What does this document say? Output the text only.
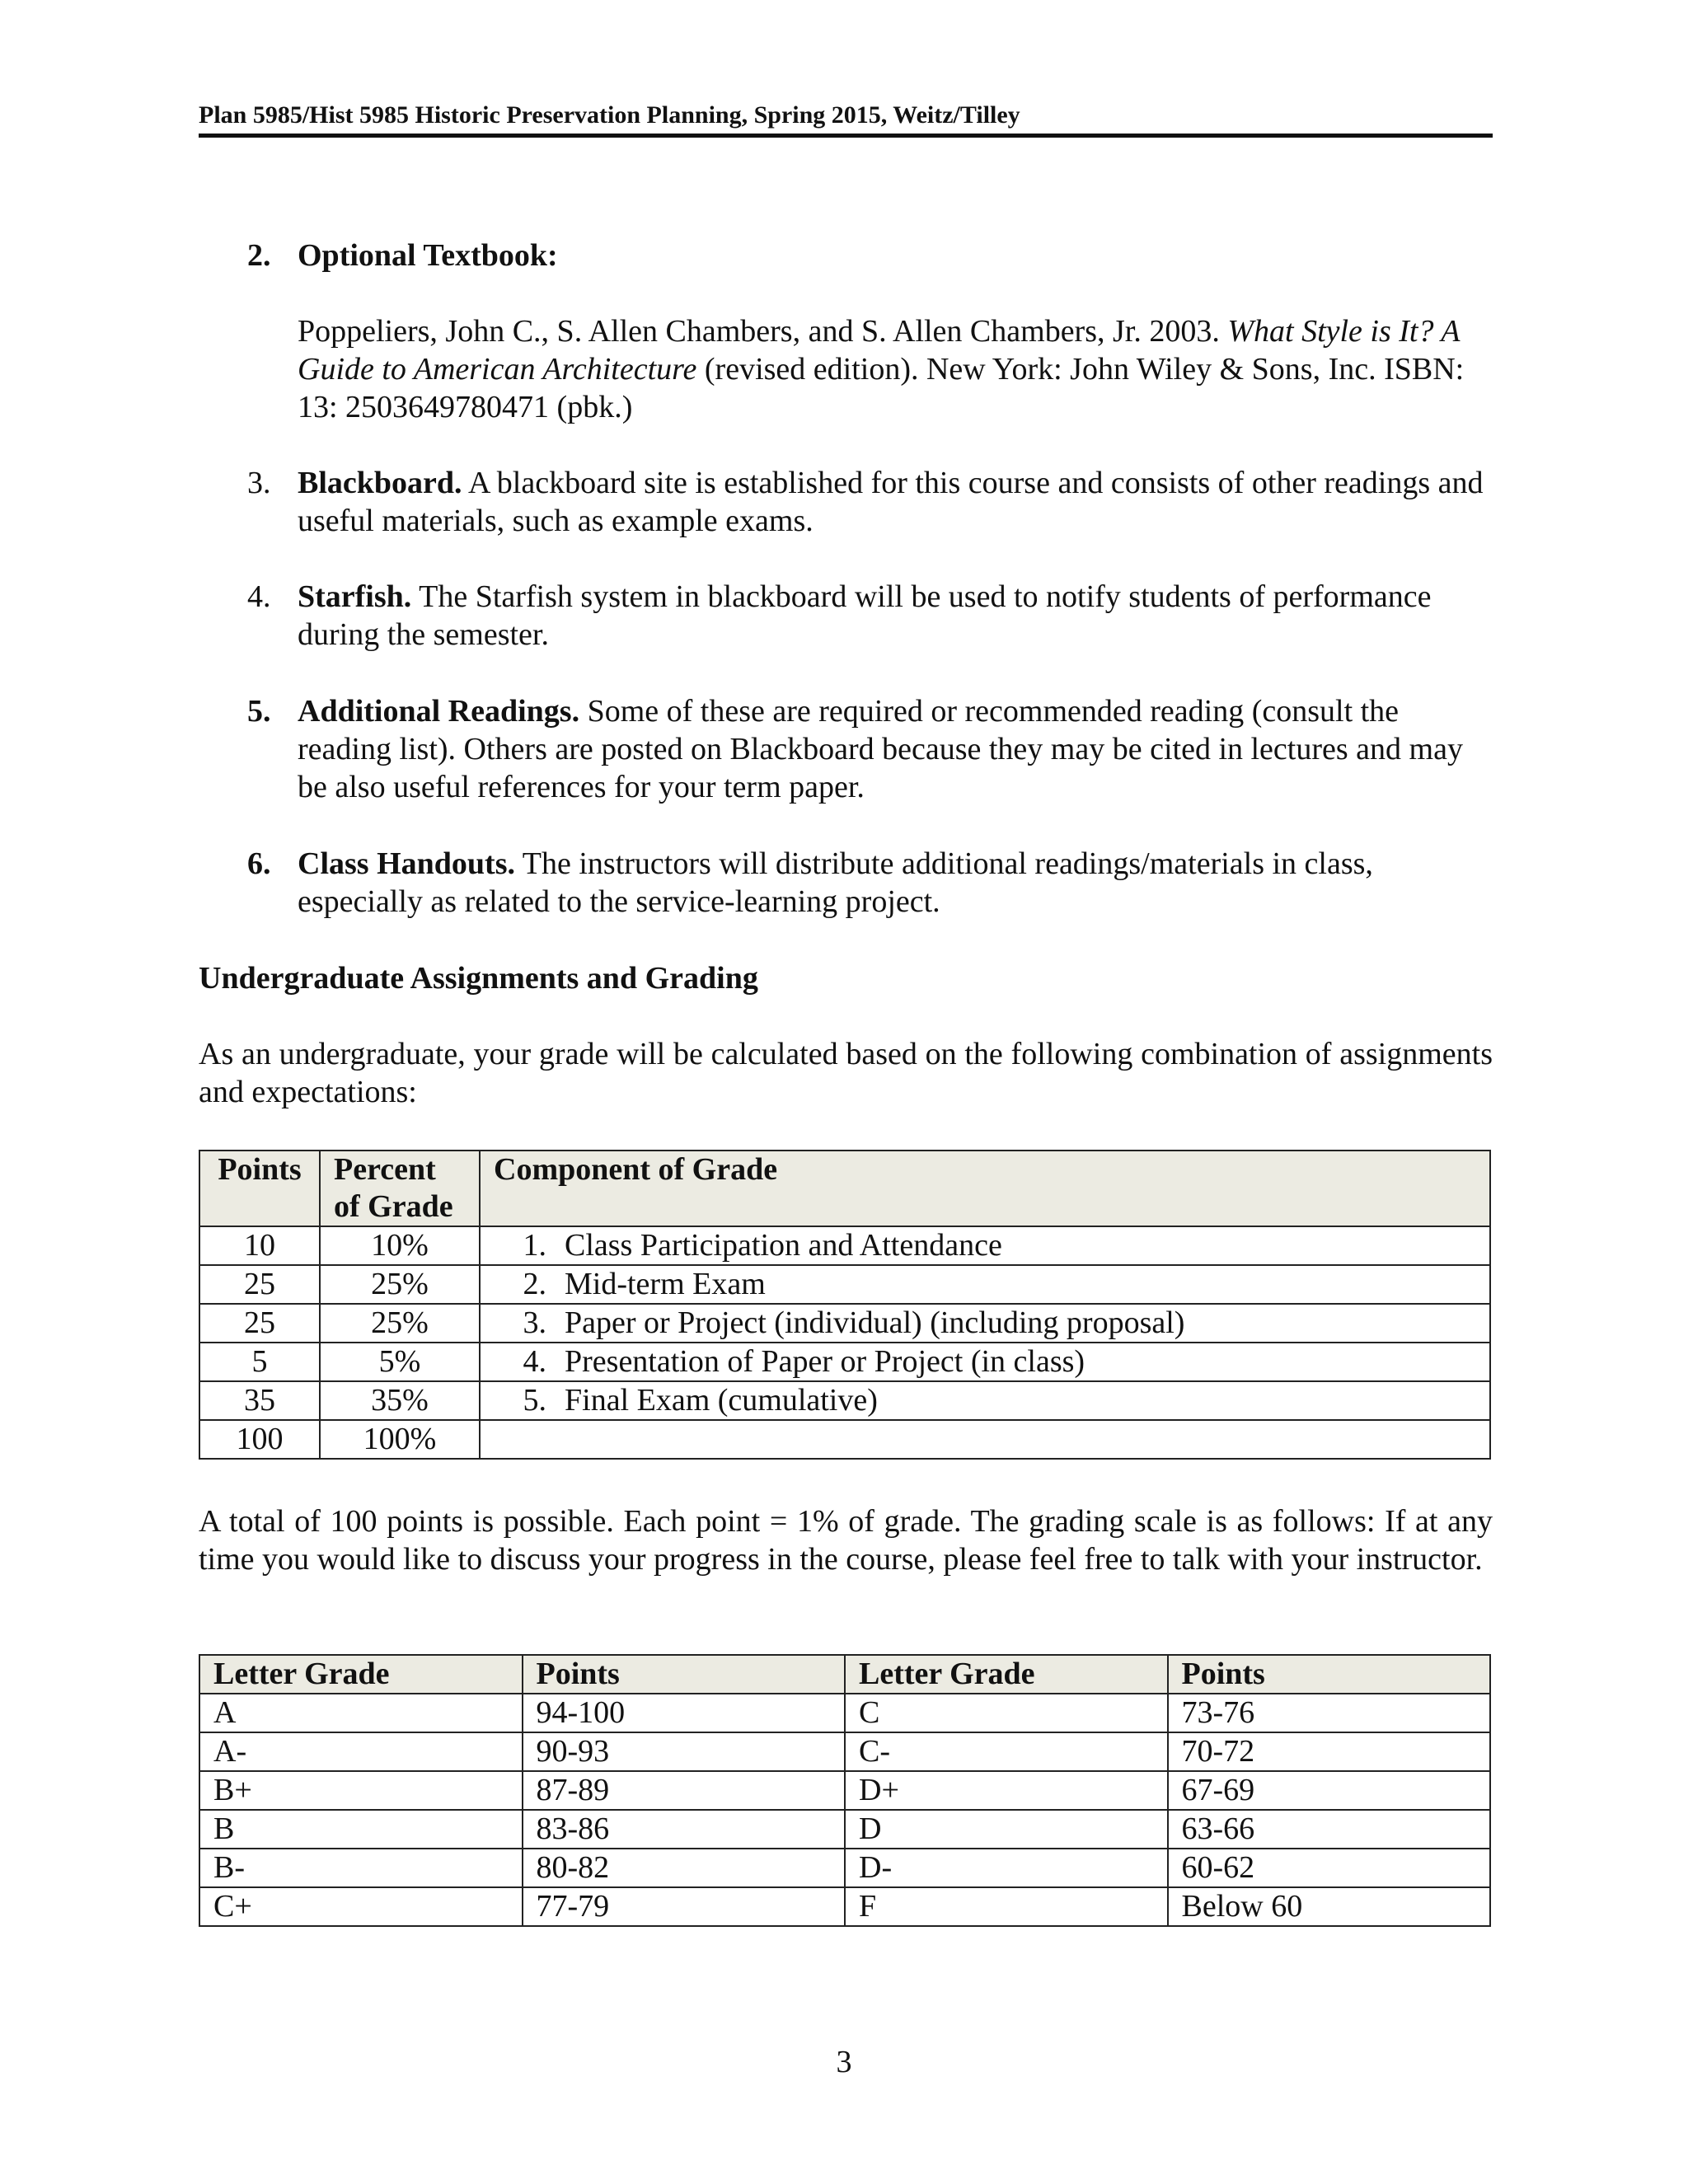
Plan 5985/Hist 5985 Historic Preservation Planning, Spring 2015, Weitz/Tilley
2. Optional Textbook:

Poppeliers, John C., S. Allen Chambers, and S. Allen Chambers, Jr. 2003. What Style is It? A Guide to American Architecture (revised edition). New York: John Wiley & Sons, Inc. ISBN: 13: 2503649780471 (pbk.)

3. Blackboard. A blackboard site is established for this course and consists of other readings and useful materials, such as example exams.

4. Starfish. The Starfish system in blackboard will be used to notify students of performance during the semester.

5. Additional Readings. Some of these are required or recommended reading (consult the reading list). Others are posted on Blackboard because they may be cited in lectures and may be also useful references for your term paper.

6. Class Handouts. The instructors will distribute additional readings/materials in class, especially as related to the service-learning project.

Undergraduate Assignments and Grading

As an undergraduate, your grade will be calculated based on the following combination of assignments and expectations:

Points	Percent of Grade	Component of Grade
10	10%	1. Class Participation and Attendance
25	25%	2. Mid-term Exam
25	25%	3. Paper or Project (individual) (including proposal)
5	5%	4. Presentation of Paper or Project (in class)
35	35%	5. Final Exam (cumulative)
100	100%	

A total of 100 points is possible. Each point = 1% of grade. The grading scale is as follows: If at any time you would like to discuss your progress in the course, please feel free to talk with your instructor.

Letter Grade	Points	Letter Grade	Points
A	94-100	C	73-76
A-	90-93	C-	70-72
B+	87-89	D+	67-69
B	83-86	D	63-66
B-	80-82	D-	60-62
C+	77-79	F	Below 60
3
